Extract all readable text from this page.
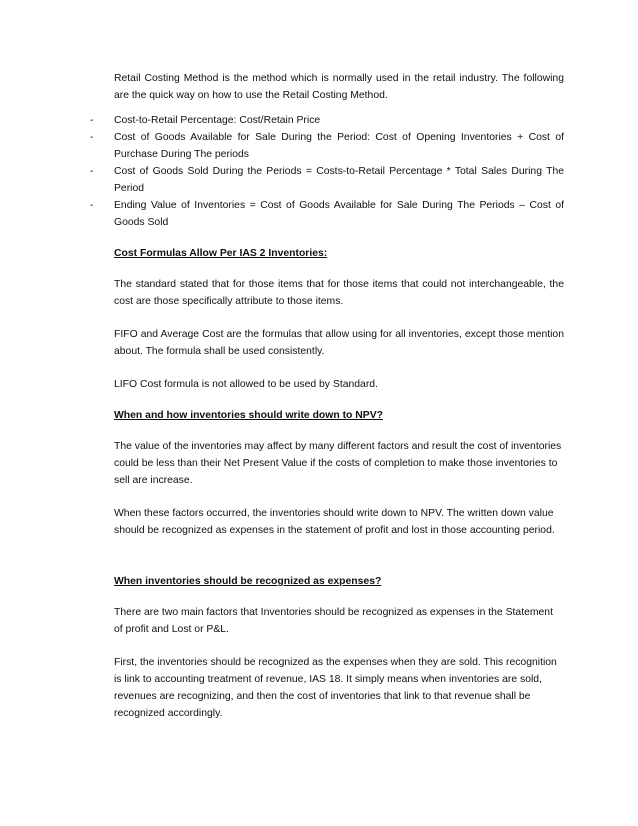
Retail Costing Method is the method which is normally used in the retail industry. The following are the quick way on how to use the Retail Costing Method.

- Cost-to-Retail Percentage: Cost/Retain Price
- Cost of Goods Available for Sale During the Period: Cost of Opening Inventories + Cost of Purchase During The periods
- Cost of Goods Sold During the Periods = Costs-to-Retail Percentage * Total Sales During The Period
- Ending Value of Inventories = Cost of Goods Available for Sale During The Periods – Cost of Goods Sold

Cost Formulas Allow Per IAS 2 Inventories:

The standard stated that for those items that for those items that could not interchangeable, the cost are those specifically attribute to those items.

FIFO and Average Cost are the formulas that allow using for all inventories, except those mention about. The formula shall be used consistently.

LIFO Cost formula is not allowed to be used by Standard.

When and how inventories should write down to NPV?

The value of the inventories may affect by many different factors and result the cost of inventories could be less than their Net Present Value if the costs of completion to make those inventories to sell are increase.

When these factors occurred, the inventories should write down to NPV. The written down value should be recognized as expenses in the statement of profit and lost in those accounting period.

When inventories should be recognized as expenses?

There are two main factors that Inventories should be recognized as expenses in the Statement of profit and Lost or P&L.

First, the inventories should be recognized as the expenses when they are sold. This recognition is link to accounting treatment of revenue, IAS 18. It simply means when inventories are sold, revenues are recognizing, and then the cost of inventories that link to that revenue shall be recognized accordingly.
